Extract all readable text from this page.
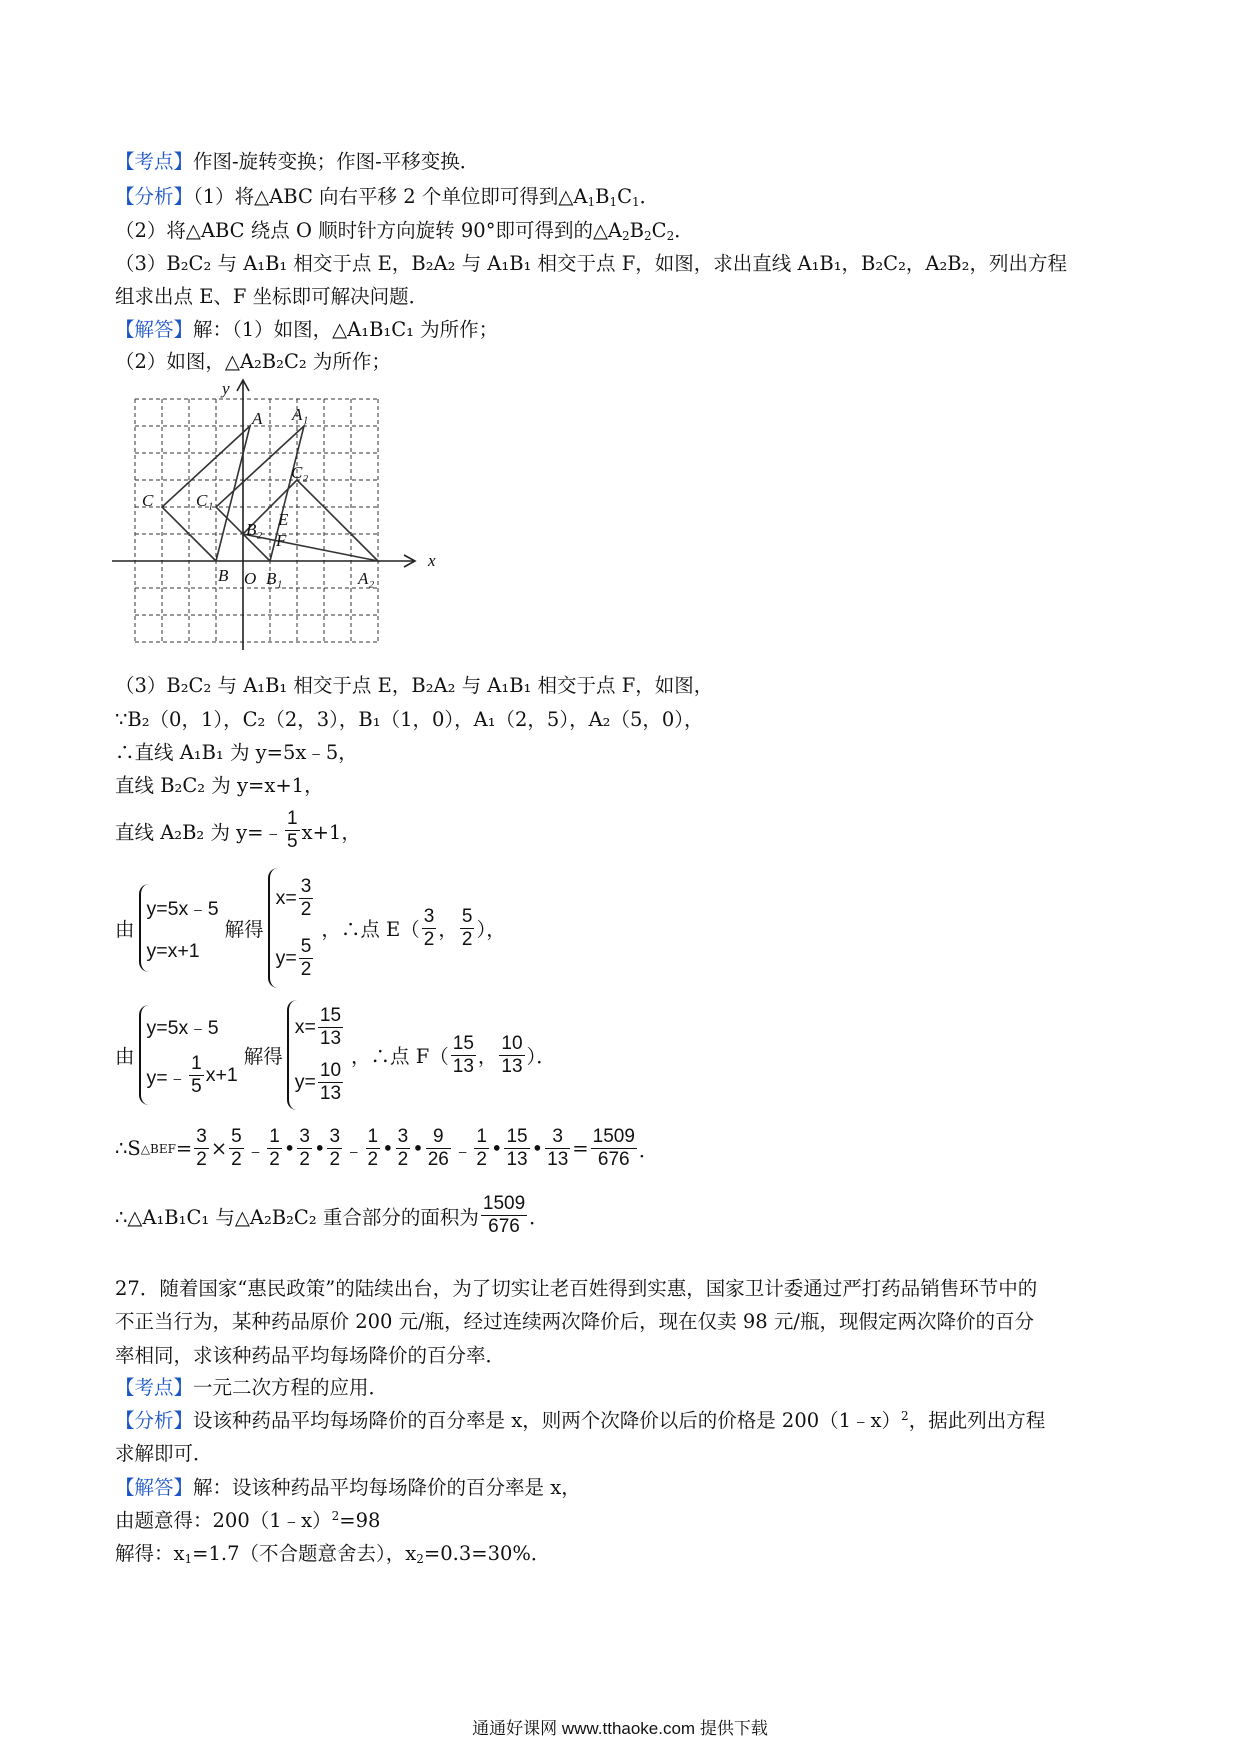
【考点】作图-旋转变换；作图-平移变换．
【分析】（1）将△ABC 向右平移 2 个单位即可得到$\triangle A_1B_1C_1$．
（2）将△ABC 绕点 O 顺时针方向旋转 90°即可得到的$\triangle A_2B_2C_2$．
（3）B₂C₂ 与 A₁B₁ 相交于点 E，B₂A₂ 与 A₁B₁ 相交于点 F，如图，求出直线 A₁B₁，B₂C₂，A₂B₂，列出方程
组求出点 E、F 坐标即可解决问题．
【解答】解：（1）如图，△A₁B₁C₁ 为所作；
（2）如图，△A₂B₂C₂ 为所作；
x
y
A A₁
C	C₁
C₂
B₂
E
F
B O B₁	A₂
（3）B₂C₂ 与 A₁B₁ 相交于点 E，B₂A₂ 与 A₁B₁ 相交于点 F，如图，
∵B₂（0，1），C₂（2，3），B₁（1，0），A₁（2，5），A₂（5，0），
∴直线 A₁B₁ 为 y=5x﹣5，
直线 B₂C₂ 为 y=x+1，
直线 A₂B₂ 为 y=﹣ $\frac{1}{5} x+1$，
由
y=5x﹣5
y=x+1
解得
$x= \frac{3}{2}$
$y= \frac{5}{2}$
，∴点 $E( \frac{3}{2}$ ， $\frac{5}{2}$ ），
由
y=5x﹣5
y=﹣ $\frac{1}{5} x+1$
解得
$x= \frac{15}{13}$
$y= \frac{10}{13}$
，∴点 $F( \frac{15}{13}$ ， $\frac{10}{13}$ ）．
∴S △BEF = $\frac{3}{2} \times \frac{5}{2}$ ﹣ $\frac{1}{2}$ • $\frac{3}{2}$ • $\frac{3}{2}$ ﹣ $\frac{1}{2}$ • $\frac{3}{2}$ • $\frac{9}{26}$ ﹣ $\frac{1}{2}$ • $\frac{15}{13}$ • $\frac{3}{13} = \frac{1509}{676}$ ．
∴△A₁B₁C₁ 与△A₂B₂C₂ 重合部分的面积为 $\frac{1509}{676}$ ．
27．随着国家“惠民政策”的陆续出台，为了切实让老百姓得到实惠，国家卫计委通过严打药品销售环节中的
不正当行为，某种药品原价 200 元/瓶，经过连续两次降价后，现在仅卖 98 元/瓶，现假定两次降价的百分
率相同，求该种药品平均每场降价的百分率．
【考点】一元二次方程的应用．
【分析】设该种药品平均每场降价的百分率是 x，则两个次降价以后的价格是 200（1﹣x）$^2$，据此列出方程
求解即可．
【解答】解：设该种药品平均每场降价的百分率是 x，
由题意得：200（1﹣x）$^2$=98
解得：$x_1=1.7$（不合题意舍去），$x_2=0.3=30\%$．
通通好课网 www.tthaoke.com 提供下载
